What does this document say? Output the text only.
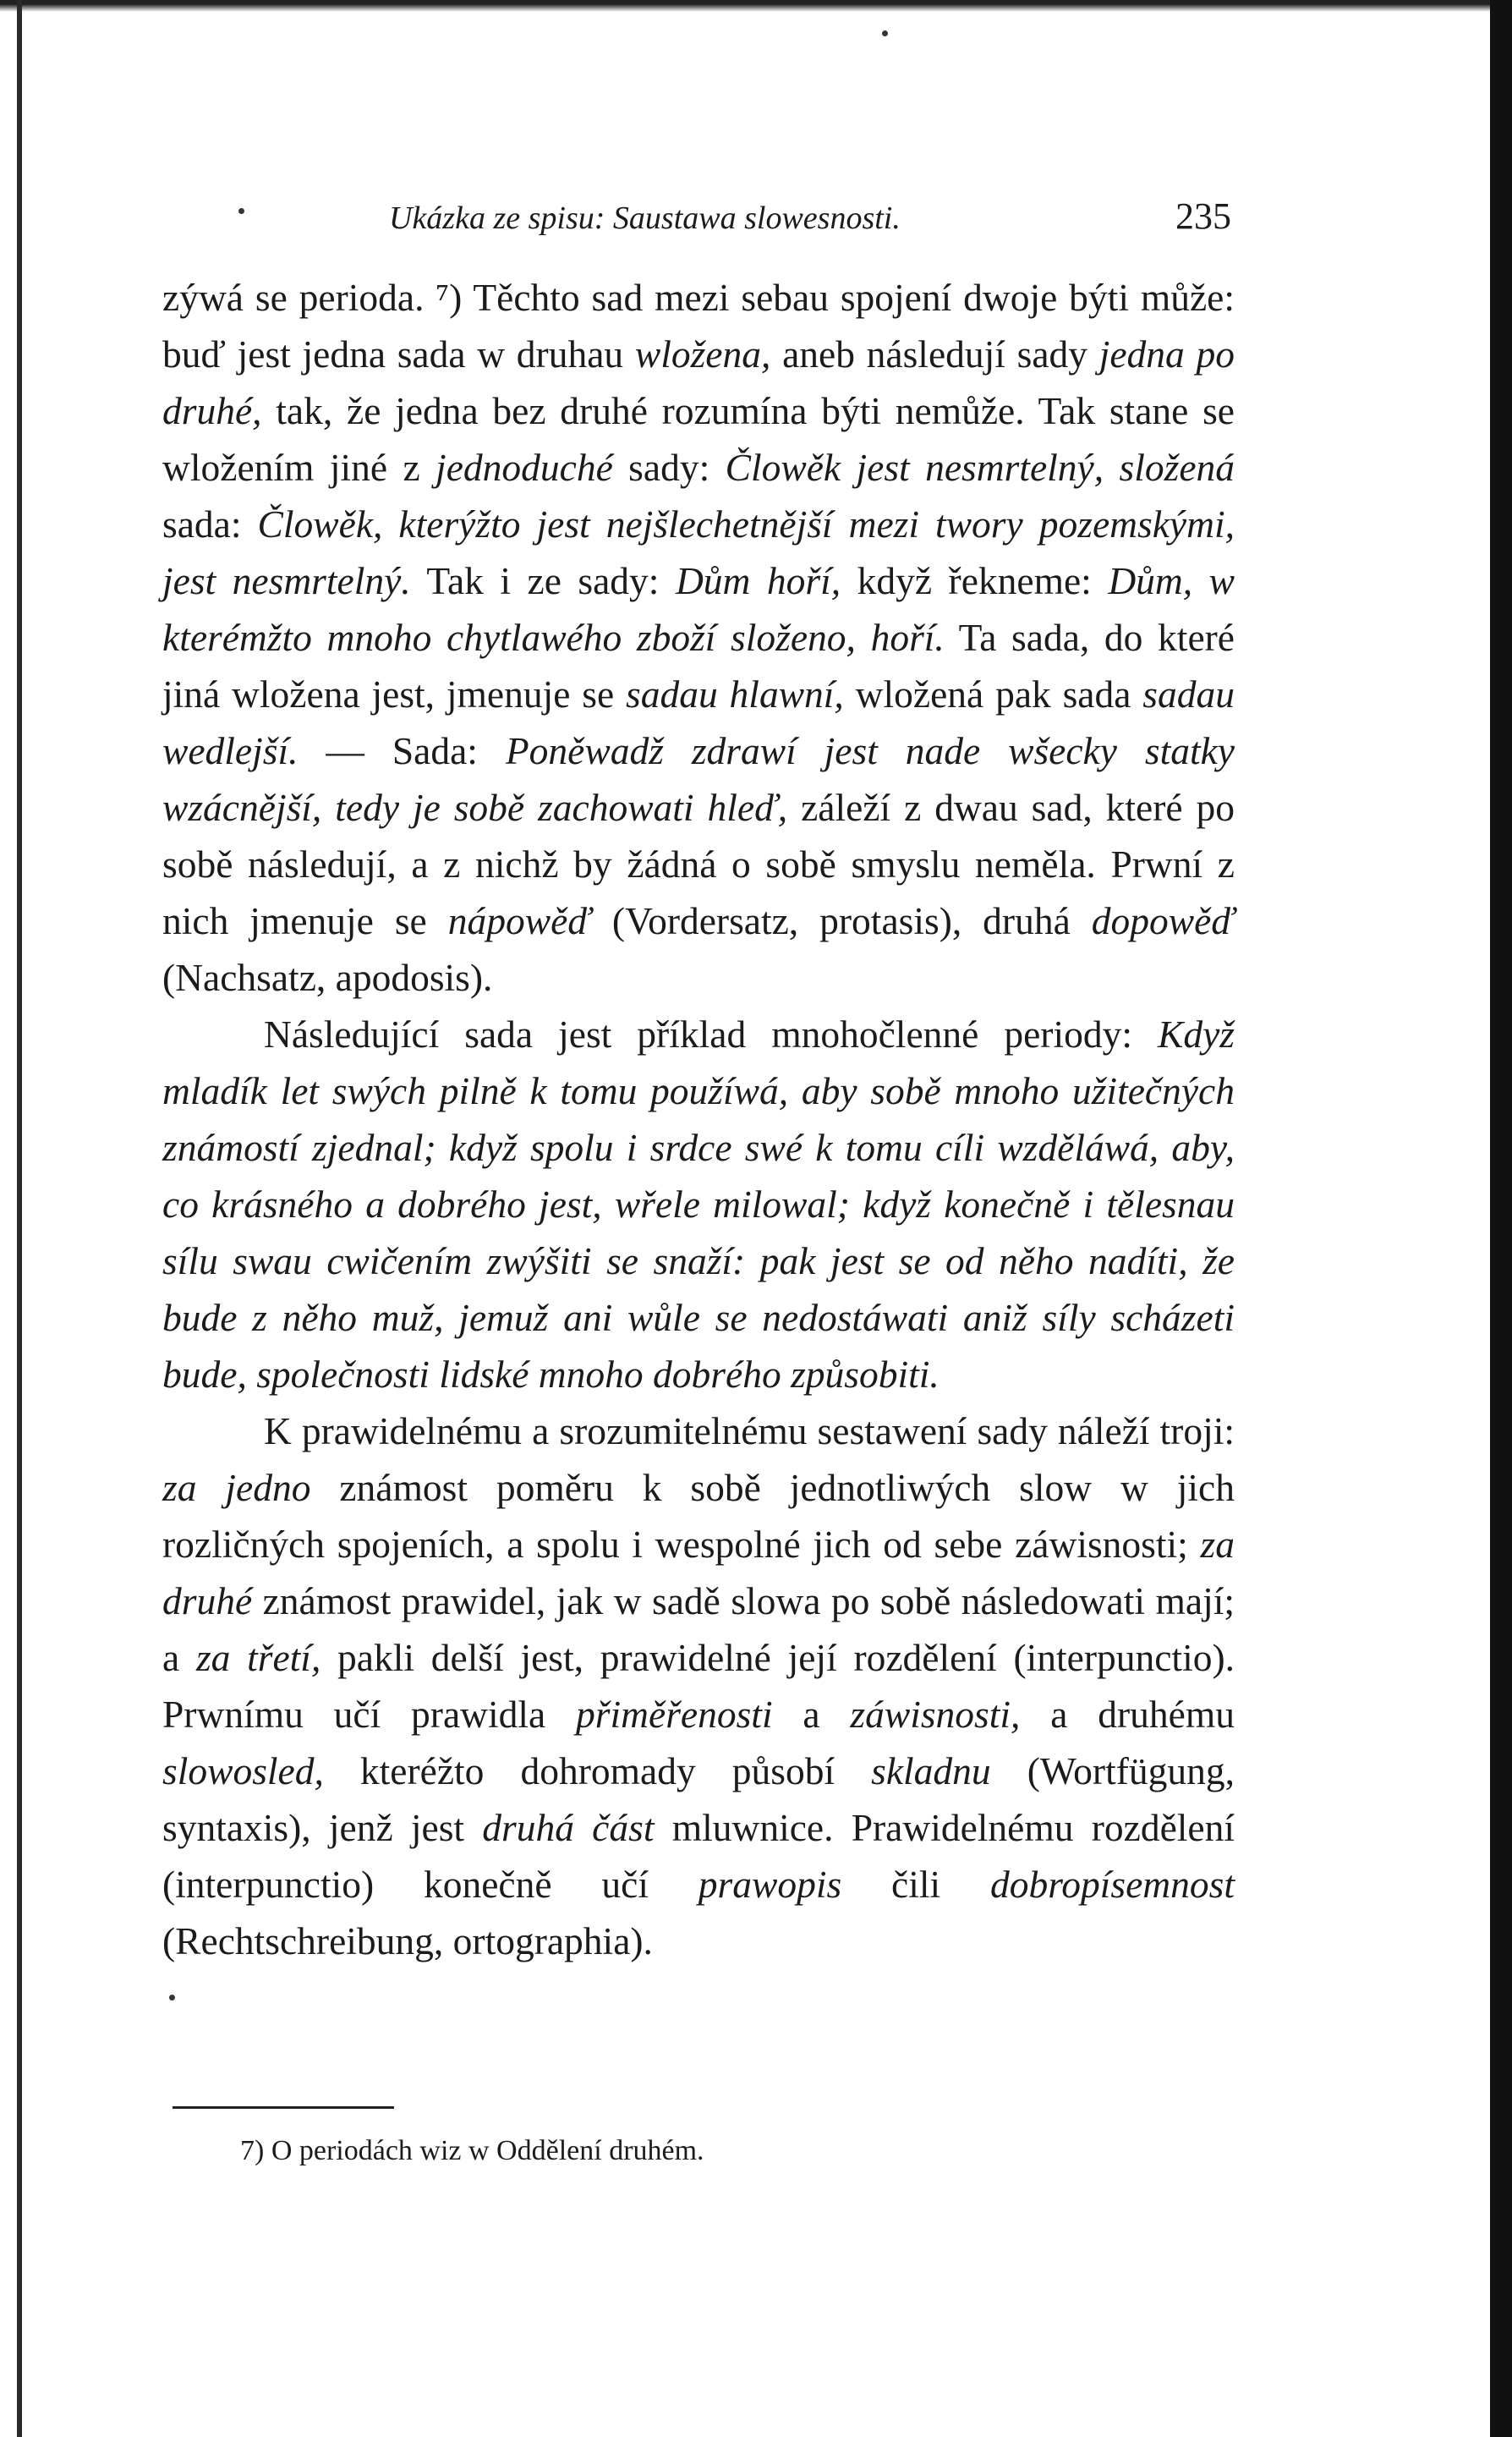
Ukázka ze spisu: Saustawa slowesnosti.	235

zýwá se perioda. ⁷) Těchto sad mezi sebau spojení dwoje býti může: buď jest jedna sada w druhau wložena, aneb následují sady jedna po druhé, tak, že jedna bez druhé rozumína býti nemůže. Tak stane se wložením jiné z jednoduché sady: Člowěk jest nesmrtelný, složená sada: Člowěk, kterýžto jest nejšlechetnější mezi twory pozemskými, jest nesmrtelný. Tak i ze sady: Dům hoří, když řekneme: Dům, w kterémžto mnoho chytlawého zboží složeno, hoří. Ta sada, do které jiná wložena jest, jmenuje se sadau hlawní, wložená pak sada sadau wedlejší. — Sada: Poněwadž zdrawí jest nade wšecky statky wzácnější, tedy je sobě zachowati hleď, záleží z dwau sad, které po sobě následují, a z nichž by žádná o sobě smyslu neměla. Prwní z nich jmenuje se nápowěď (Vordersatz, protasis), druhá dopowěď (Nachsatz, apodosis).

Následující sada jest příklad mnohočlenné periody: Když mladík let swých pilně k tomu použíwá, aby sobě mnoho užitečných známostí zjednal; když spolu i srdce swé k tomu cíli wzděláwá, aby, co krásného a dobrého jest, wřele milowal; když konečně i tělesnau sílu swau cwičením zwýšiti se snaží: pak jest se od něho nadíti, že bude z něho muž, jemuž ani wůle se nedostáwati aniž síly scházeti bude, společnosti lidské mnoho dobrého způsobiti.

K prawidelnému a srozumitelnému sestawení sady náleží troji: za jedno známost poměru k sobě jednotliwých slow w jich rozličných spojeních, a spolu i wespolné jich od sebe záwisnosti; za druhé známost prawidel, jak w sadě slowa po sobě následowati mají; a za třetí, pakli delší jest, prawidelné její rozdělení (interpunctio). Prwnímu učí prawidla přiměřenosti a záwisnosti, a druhému slowosled, kteréžto dohromady působí skladnu (Wortfügung, syntaxis), jenž jest druhá část mluwnice. Prawidelnému rozdělení (interpunctio) konečně učí prawopis čili dobropísemnost (Rechtschreibung, ortographia).

7) O periodách wiz w Oddělení druhém.
